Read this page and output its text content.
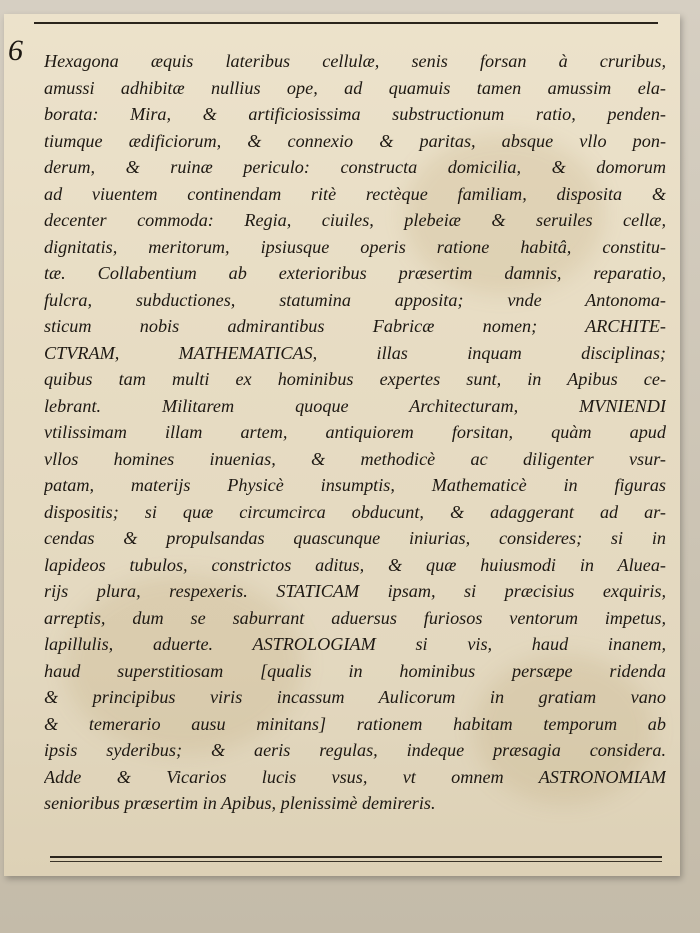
6 Hexagona æquis lateribus cellulæ, senis forsan à cruribus,
amussi adhibitæ nullius ope, ad quamuis tamen amussim ela-
borata: Mira, & artificiosissima substructionum ratio, penden-
tiumque ædificiorum, & connexio & paritas, absque vllo pon-
derum, & ruinæ periculo: constructa domicilia, & domorum
ad viuentem continendam ritè rectèque familiam, disposita &
decenter commoda: Regia, ciuiles, plebeiæ & seruiles cellæ,
dignitatis, meritorum, ipsiusque operis ratione habitâ, constitu-
tæ. Collabentium ab exterioribus præsertim damnis, reparatio,
fulcra, subductiones, statumina apposita; vnde Antonoma-
sticum nobis admirantibus Fabricæ nomen; ARCHITE-
CTVRAM, MATHEMATICAS, illas inquam disciplinas;
quibus tam multi ex hominibus expertes sunt, in Apibus ce-
lebrant. Militarem quoque Architecturam, MVNIENDI
vtilissimam illam artem, antiquiorem forsitan, quàm apud
vllos homines inuenias, & methodicè ac diligenter vsur-
patam, materijs Physicè insumptis, Mathematicè in figuras
dispositis; si quæ circumcirca obducunt, & adaggerant ad ar-
cendas & propulsandas quascunque iniurias, consideres; si in
lapideos tubulos, constrictos aditus, & quæ huiusmodi in Alueа-
rijs plura, respexeris. STATICAM ipsam, si præcisius exquiris,
arreptis, dum se saburrant aduersus furiosos ventorum impetus,
lapillulis, aduerte. ASTROLOGIAM si vis, haud inanem,
haud superstitiosam [qualis in hominibus persæpe ridenda
& principibus viris incassum Aulicorum in gratiam vano
& temerario ausu minitans] rationem habitam temporum ab
ipsis syderibus; & aeris regulas, indeque præsagia considera.
Adde & Vicarios lucis vsus, vt omnem ASTRONOMIAM
senioribus præsertim in Apibus, plenissimè demireris.
